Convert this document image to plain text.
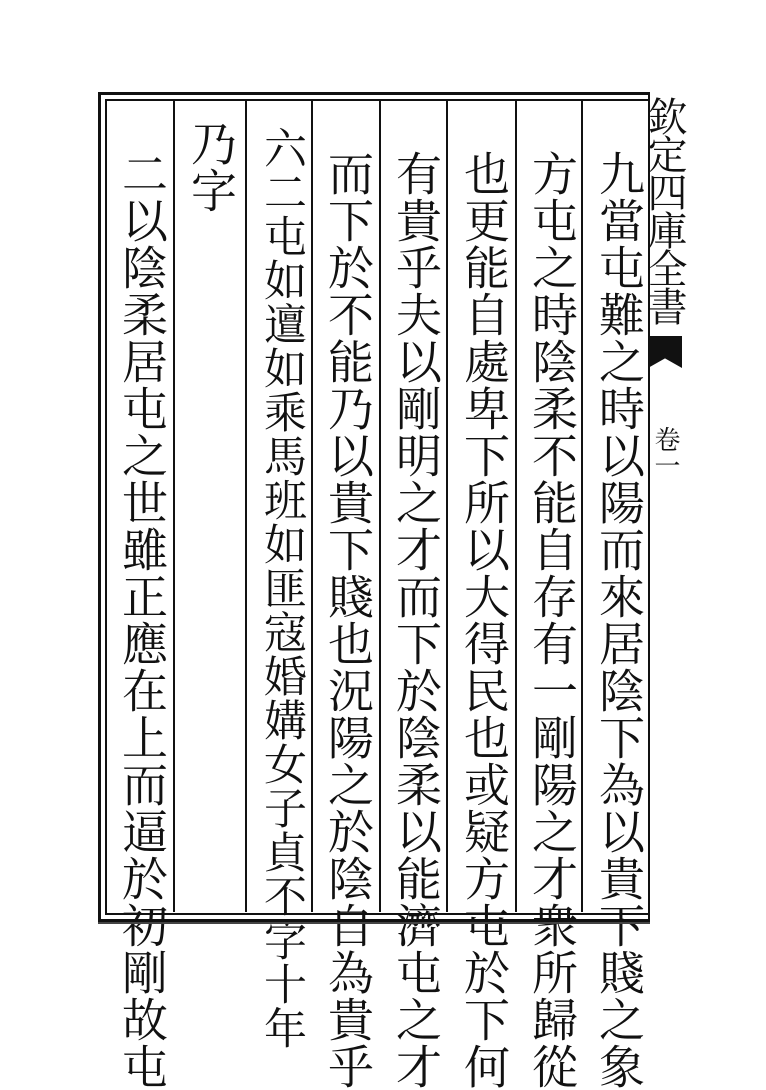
九當屯難之時以陽而來居陰下為以貴下賤之象
方屯之時陰柔不能自存有一剛陽之才衆所歸從
也更能自處卑下所以大得民也或疑方屯於下何
有貴乎夫以剛明之才而下於陰柔以能濟屯之才
而下於不能乃以貴下賤也況陽之於陰自為貴乎
六二屯如邅如乘馬班如匪寇婚媾女子貞不字十年
乃字
二以陰柔居屯之世雖正應在上而逼於初剛故屯	欽定四庫全書
卷一
